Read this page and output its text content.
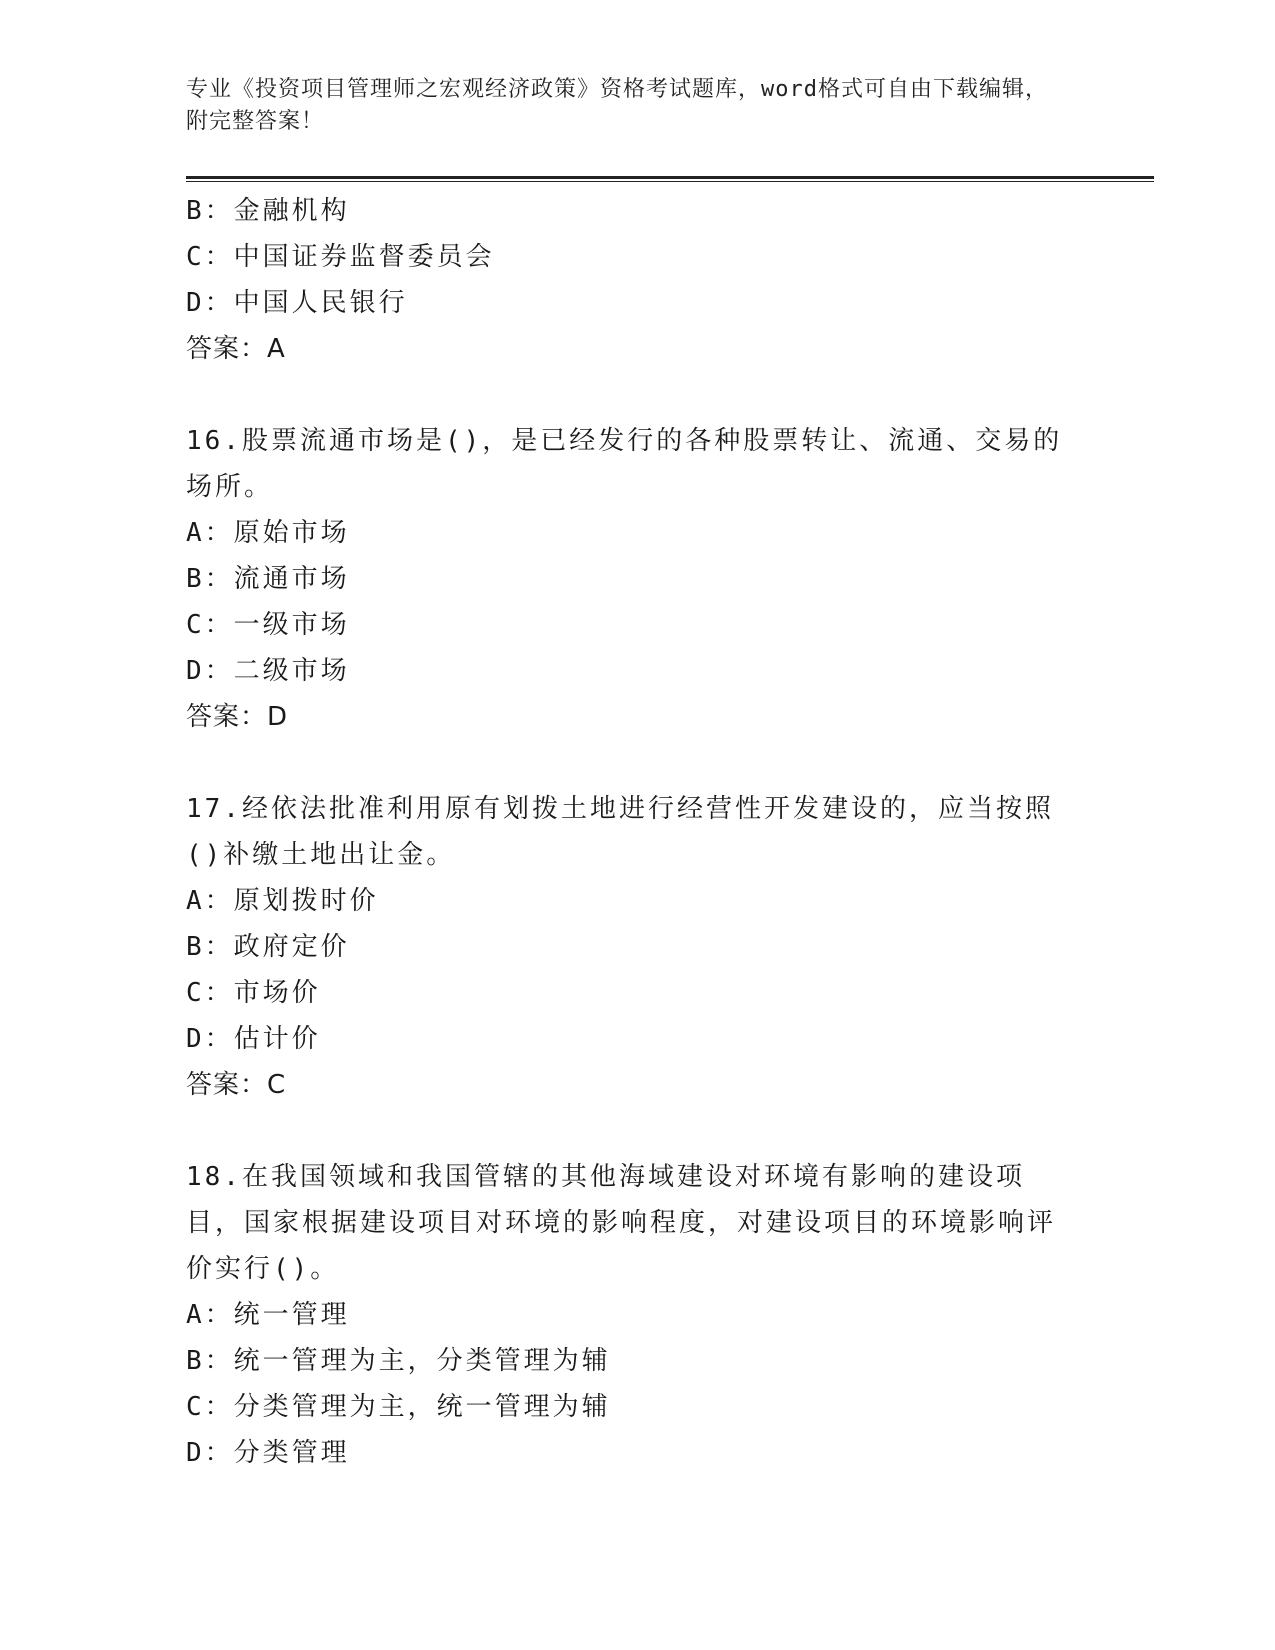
专业《投资项目管理师之宏观经济政策》资格考试题库，word格式可自由下载编辑，附完整答案！
B：金融机构
C：中国证券监督委员会
D：中国人民银行
答案：A
16.股票流通市场是()，是已经发行的各种股票转让、流通、交易的场所。
A：原始市场
B：流通市场
C：一级市场
D：二级市场
答案：D
17.经依法批准利用原有划拨土地进行经营性开发建设的，应当按照()补缴土地出让金。
A：原划拨时价
B：政府定价
C：市场价
D：估计价
答案：C
18.在我国领域和我国管辖的其他海域建设对环境有影响的建设项目，国家根据建设项目对环境的影响程度，对建设项目的环境影响评价实行()。
A：统一管理
B：统一管理为主，分类管理为辅
C：分类管理为主，统一管理为辅
D：分类管理
